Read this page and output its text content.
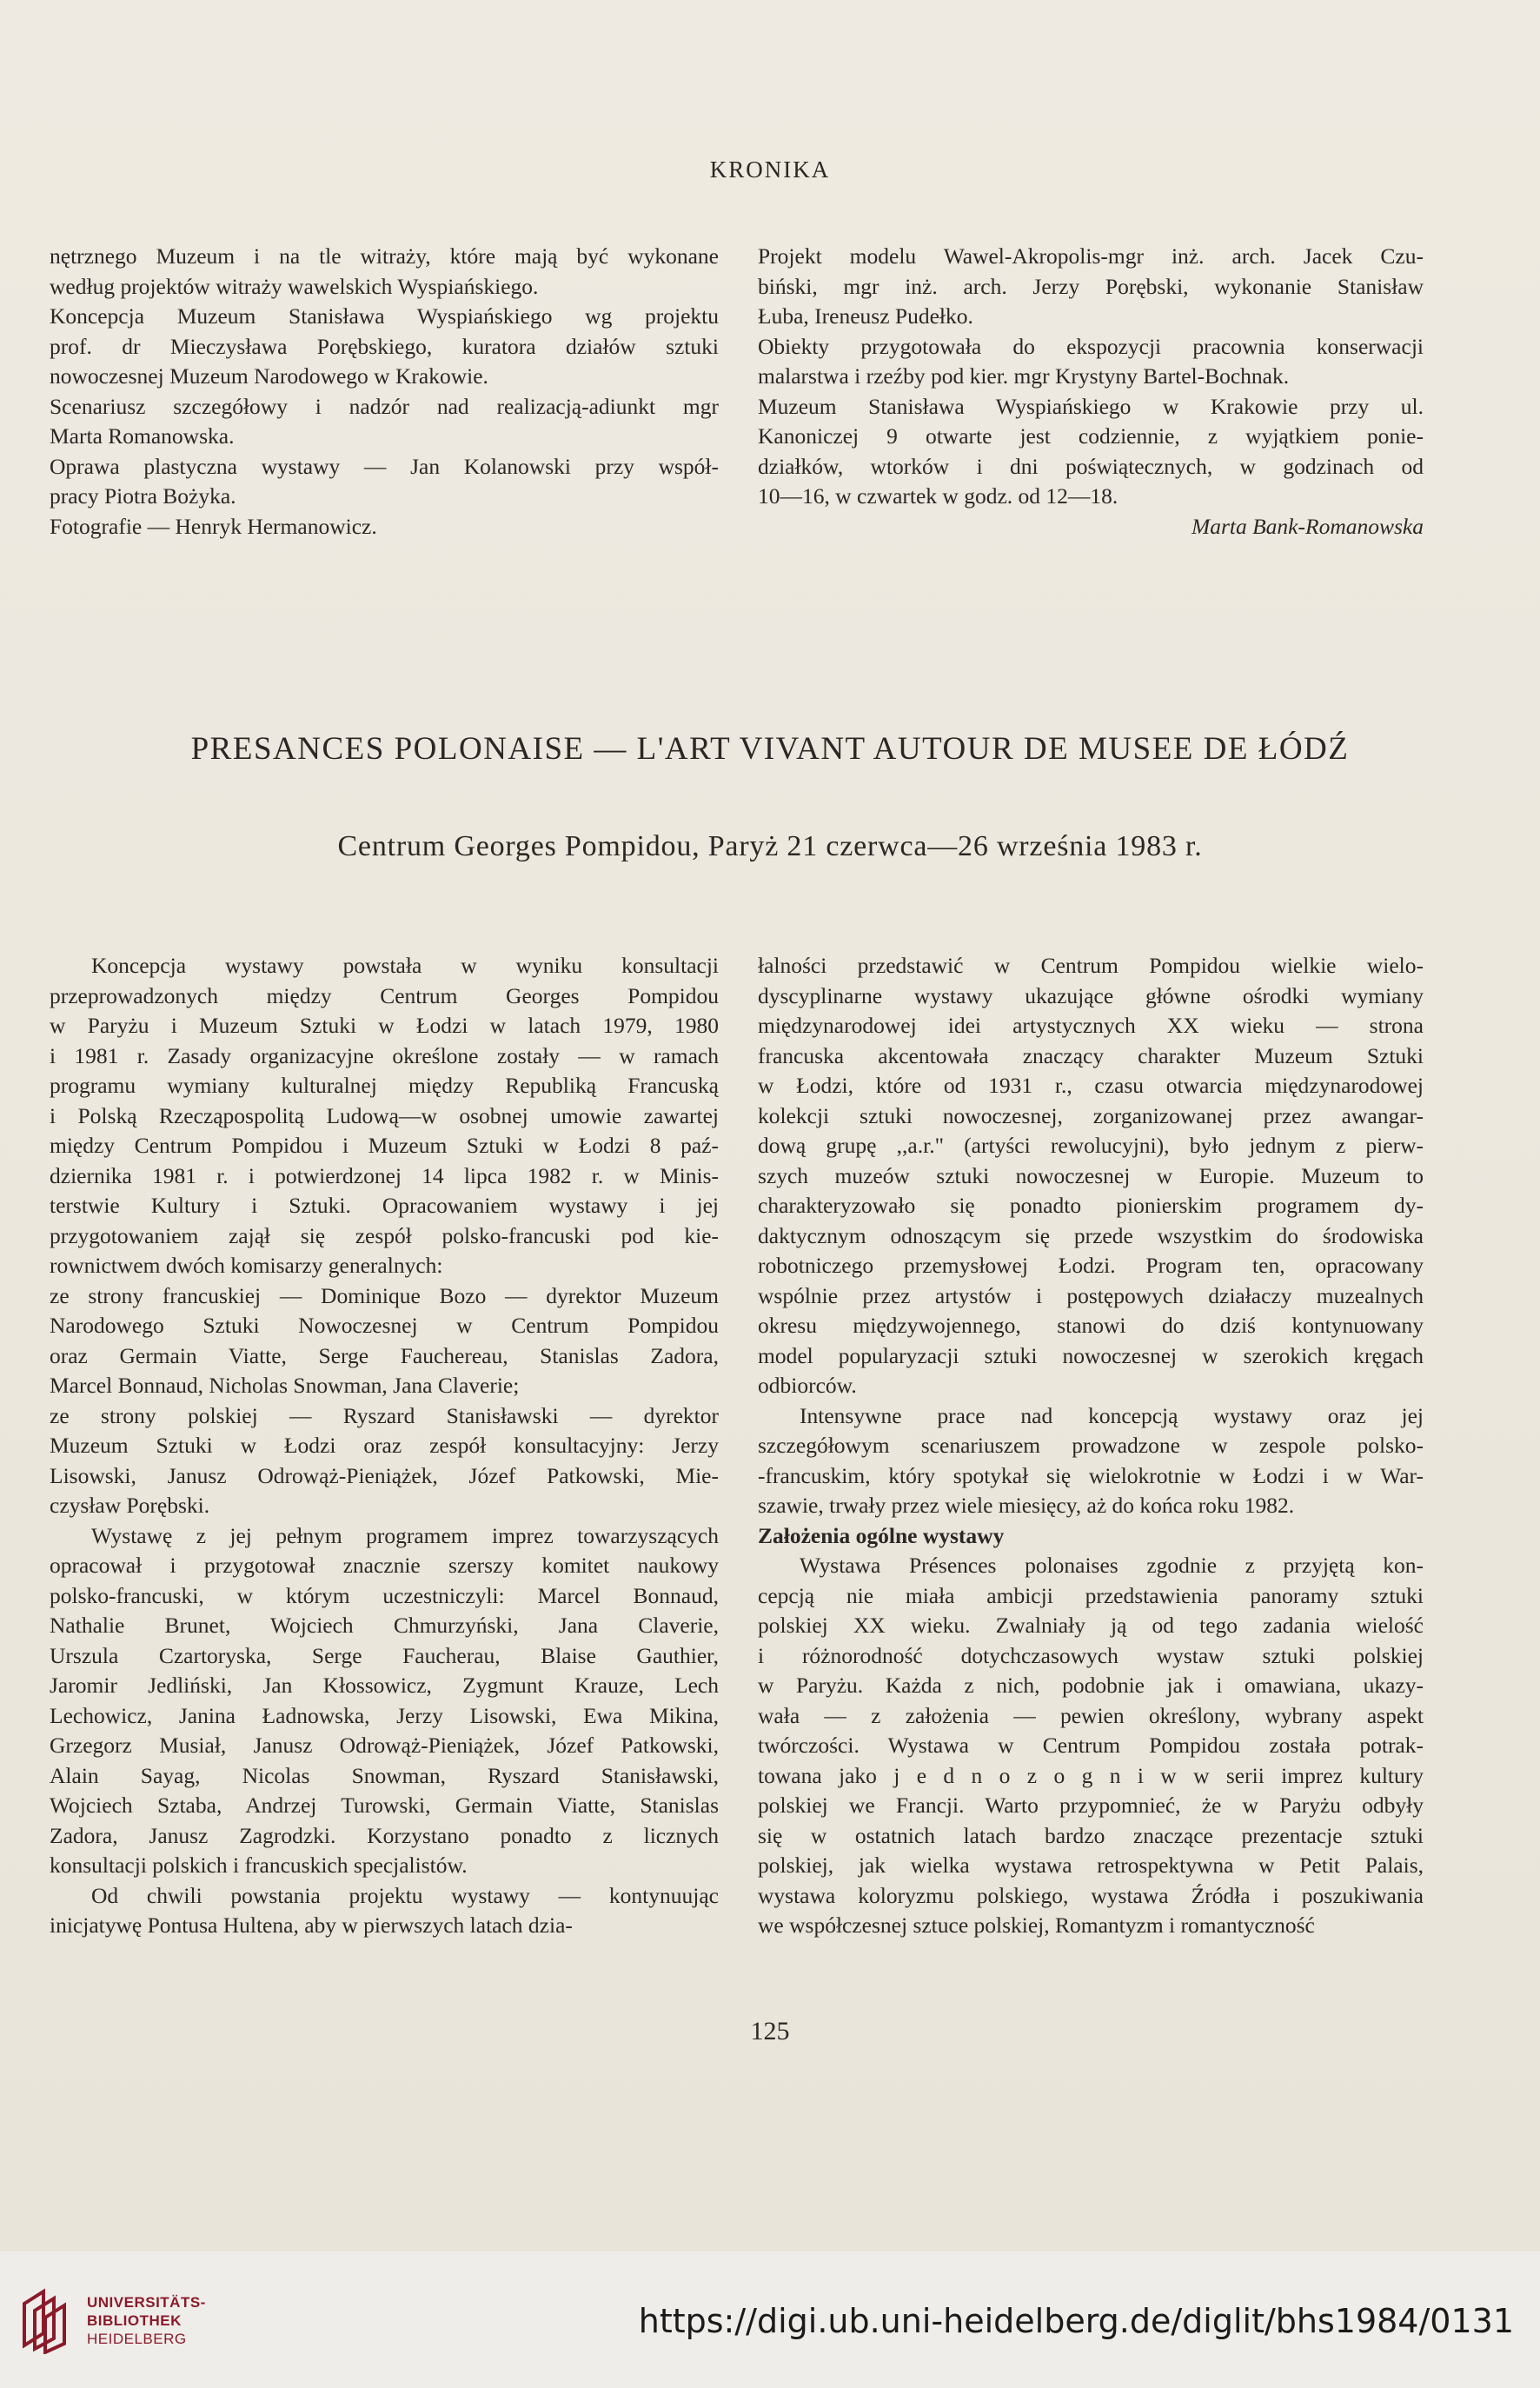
KRONIKA
nętrznego Muzeum i na tle witraży, które mają być wykonane
według projektów witraży wawelskich Wyspiańskiego.
Koncepcja Muzeum Stanisława Wyspiańskiego wg projektu
prof. dr Mieczysława Porębskiego, kuratora działów sztuki
nowoczesnej Muzeum Narodowego w Krakowie.
Scenariusz szczegółowy i nadzór nad realizacją-adiunkt mgr
Marta Romanowska.
Oprawa plastyczna wystawy — Jan Kolanowski przy współ-
pracy Piotra Bożyka.
Fotografie — Henryk Hermanowicz.
Projekt modelu Wawel-Akropolis-mgr inż. arch. Jacek Czu-
biński, mgr inż. arch. Jerzy Porębski, wykonanie Stanisław
Łuba, Ireneusz Pudełko.
Obiekty przygotowała do ekspozycji pracownia konserwacji
malarstwa i rzeźby pod kier. mgr Krystyny Bartel-Bochnak.
Muzeum Stanisława Wyspiańskiego w Krakowie przy ul.
Kanoniczej 9 otwarte jest codziennie, z wyjątkiem ponie-
działków, wtorków i dni poświątecznych, w godzinach od
10—16, w czwartek w godz. od 12—18.
Marta Bank-Romanowska
PRESANCES POLONAISE — L'ART VIVANT AUTOUR DE MUSEE DE ŁÓDŹ
Centrum Georges Pompidou, Paryż 21 czerwca—26 września 1983 r.
Koncepcja wystawy powstała w wyniku konsultacji
przeprowadzonych między Centrum Georges Pompidou
w Paryżu i Muzeum Sztuki w Łodzi w latach 1979, 1980
i 1981 r. Zasady organizacyjne określone zostały — w ramach
programu wymiany kulturalnej między Republiką Francuską
i Polską Rzecząpospolitą Ludową—w osobnej umowie zawartej
między Centrum Pompidou i Muzeum Sztuki w Łodzi 8 paź-
dziernika 1981 r. i potwierdzonej 14 lipca 1982 r. w Minis-
terstwie Kultury i Sztuki. Opracowaniem wystawy i jej
przygotowaniem zajął się zespół polsko-francuski pod kie-
rownictwem dwóch komisarzy generalnych:
ze strony francuskiej — Dominique Bozo — dyrektor Muzeum
Narodowego Sztuki Nowoczesnej w Centrum Pompidou
oraz Germain Viatte, Serge Fauchereau, Stanislas Zadora,
Marcel Bonnaud, Nicholas Snowman, Jana Claverie;
ze strony polskiej — Ryszard Stanisławski — dyrektor
Muzeum Sztuki w Łodzi oraz zespół konsultacyjny: Jerzy
Lisowski, Janusz Odrowąż-Pieniążek, Józef Patkowski, Mie-
czysław Porębski.
Wystawę z jej pełnym programem imprez towarzyszących
opracował i przygotował znacznie szerszy komitet naukowy
polsko-francuski, w którym uczestniczyli: Marcel Bonnaud,
Nathalie Brunet, Wojciech Chmurzyński, Jana Claverie,
Urszula Czartoryska, Serge Faucherau, Blaise Gauthier,
Jaromir Jedliński, Jan Kłossowicz, Zygmunt Krauze, Lech
Lechowicz, Janina Ładnowska, Jerzy Lisowski, Ewa Mikina,
Grzegorz Musiał, Janusz Odrowąż-Pieniążek, Józef Patkowski,
Alain Sayag, Nicolas Snowman, Ryszard Stanisławski,
Wojciech Sztaba, Andrzej Turowski, Germain Viatte, Stanislas
Zadora, Janusz Zagrodzki. Korzystano ponadto z licznych
konsultacji polskich i francuskich specjalistów.
Od chwili powstania projektu wystawy — kontynuując
inicjatywę Pontusa Hultena, aby w pierwszych latach dzia-
łalności przedstawić w Centrum Pompidou wielkie wielo-
dyscyplinarne wystawy ukazujące główne ośrodki wymiany
międzynarodowej idei artystycznych XX wieku — strona
francuska akcentowała znaczący charakter Muzeum Sztuki
w Łodzi, które od 1931 r., czasu otwarcia międzynarodowej
kolekcji sztuki nowoczesnej, zorganizowanej przez awangar-
dową grupę ,,a.r." (artyści rewolucyjni), było jednym z pierw-
szych muzeów sztuki nowoczesnej w Europie. Muzeum to
charakteryzowało się ponadto pionierskim programem dy-
daktycznym odnoszącym się przede wszystkim do środowiska
robotniczego przemysłowej Łodzi. Program ten, opracowany
wspólnie przez artystów i postępowych działaczy muzealnych
okresu międzywojennego, stanowi do dziś kontynuowany
model popularyzacji sztuki nowoczesnej w szerokich kręgach
odbiorców.
Intensywne prace nad koncepcją wystawy oraz jej
szczegółowym scenariuszem prowadzone w zespole polsko-
-francuskim, który spotykał się wielokrotnie w Łodzi i w War-
szawie, trwały przez wiele miesięcy, aż do końca roku 1982.
Założenia ogólne wystawy
Wystawa Présences polonaises zgodnie z przyjętą kon-
cepcją nie miała ambicji przedstawienia panoramy sztuki
polskiej XX wieku. Zwalniały ją od tego zadania wielość
i różnorodność dotychczasowych wystaw sztuki polskiej
w Paryżu. Każda z nich, podobnie jak i omawiana, ukazy-
wała — z założenia — pewien określony, wybrany aspekt
twórczości. Wystawa w Centrum Pompidou została potrak-
towana jako j e d n o z o g n i w w serii imprez kultury
polskiej we Francji. Warto przypomnieć, że w Paryżu odbyły
się w ostatnich latach bardzo znaczące prezentacje sztuki
polskiej, jak wielka wystawa retrospektywna w Petit Palais,
wystawa koloryzmu polskiego, wystawa Źródła i poszukiwania
we współczesnej sztuce polskiej, Romantyzm i romantyczność
125
UNIVERSITÄTS-
BIBLIOTHEK
HEIDELBERG	https://digi.ub.uni-heidelberg.de/diglit/bhs1984/0131
